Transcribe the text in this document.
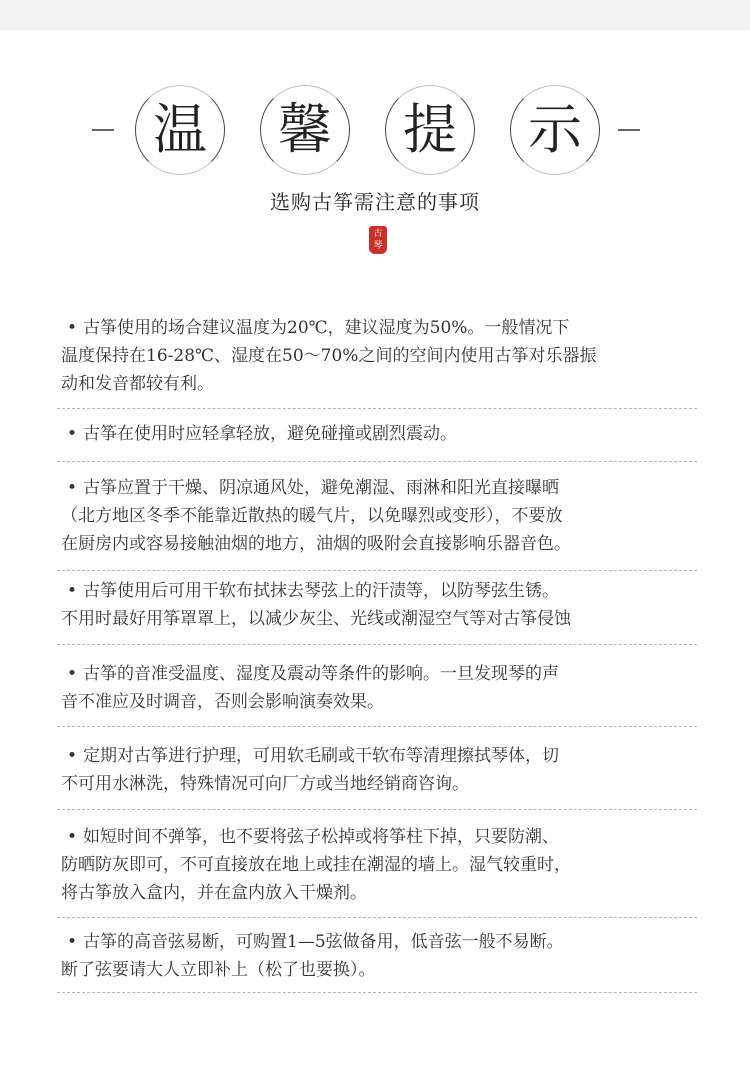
温	馨	提	示
选购古筝需注意的事项
古
琴

• 古筝使用的场合建议温度为20℃，建议湿度为50%。一般情况下

温度保持在16-28℃、湿度在50～70%之间的空间内使用古筝对乐器振

动和发音都较有利。

• 古筝在使用时应轻拿轻放，避免碰撞或剧烈震动。

• 古筝应置于干燥、阴凉通风处，避免潮湿、雨淋和阳光直接曝晒

（北方地区冬季不能靠近散热的暖气片，以免曝烈或变形），不要放

在厨房内或容易接触油烟的地方，油烟的吸附会直接影响乐器音色。

• 古筝使用后可用干软布拭抹去琴弦上的汗渍等，以防琴弦生锈。

不用时最好用筝罩罩上，以减少灰尘、光线或潮湿空气等对古筝侵蚀

• 古筝的音准受温度、湿度及震动等条件的影响。一旦发现琴的声

音不准应及时调音，否则会影响演奏效果。

• 定期对古筝进行护理，可用软毛刷或干软布等清理擦拭琴体，切

不可用水淋洗，特殊情况可向厂方或当地经销商咨询。

• 如短时间不弹筝，也不要将弦子松掉或将筝柱下掉，只要防潮、

防晒防灰即可，不可直接放在地上或挂在潮湿的墙上。湿气较重时，

将古筝放入盒内，并在盒内放入干燥剂。

• 古筝的高音弦易断，可购置1—5弦做备用，低音弦一般不易断。

断了弦要请大人立即补上（松了也要换）。
